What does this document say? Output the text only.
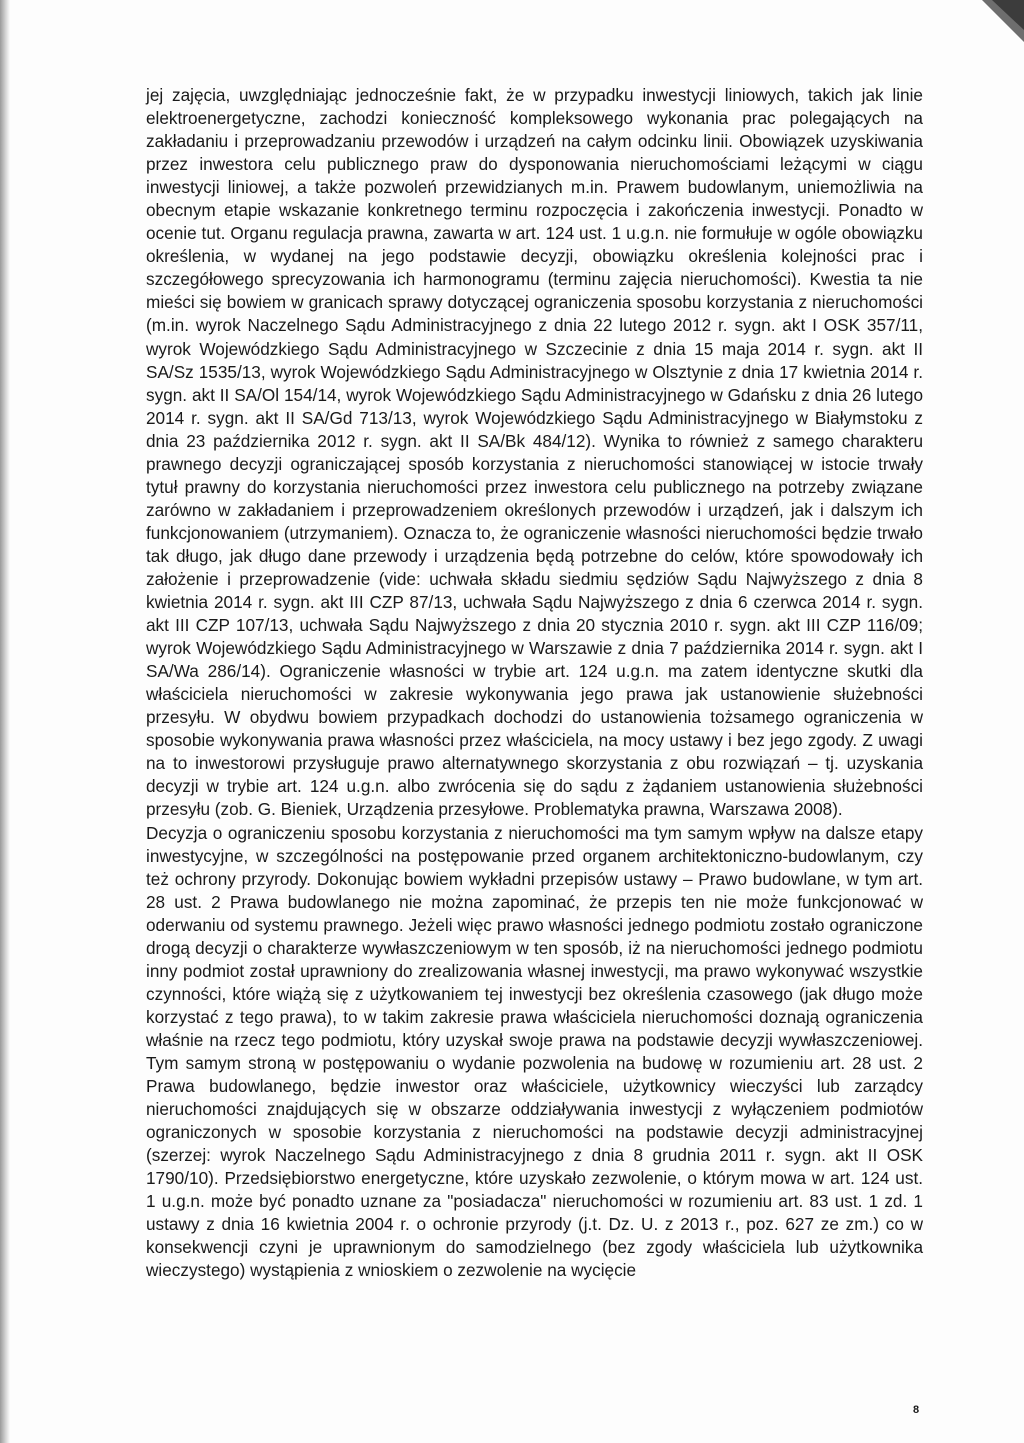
jej zajęcia, uwzględniając jednocześnie fakt, że w przypadku inwestycji liniowych, takich jak linie elektroenergetyczne, zachodzi konieczność kompleksowego wykonania prac polegających na zakładaniu i przeprowadzaniu przewodów i urządzeń na całym odcinku linii. Obowiązek uzyskiwania przez inwestora celu publicznego praw do dysponowania nieruchomościami leżącymi w ciągu inwestycji liniowej, a także pozwoleń przewidzianych m.in. Prawem budowlanym, uniemożliwia na obecnym etapie wskazanie konkretnego terminu rozpoczęcia i zakończenia inwestycji. Ponadto w ocenie tut. Organu regulacja prawna, zawarta w art. 124 ust. 1 u.g.n. nie formułuje w ogóle obowiązku określenia, w wydanej na jego podstawie decyzji, obowiązku określenia kolejności prac i szczegółowego sprecyzowania ich harmonogramu (terminu zajęcia nieruchomości). Kwestia ta nie mieści się bowiem w granicach sprawy dotyczącej ograniczenia sposobu korzystania z nieruchomości (m.in. wyrok Naczelnego Sądu Administracyjnego z dnia 22 lutego 2012 r. sygn. akt I OSK 357/11, wyrok Wojewódzkiego Sądu Administracyjnego w Szczecinie z dnia 15 maja 2014 r. sygn. akt II SA/Sz 1535/13, wyrok Wojewódzkiego Sądu Administracyjnego w Olsztynie z dnia 17 kwietnia 2014 r. sygn. akt II SA/Ol 154/14, wyrok Wojewódzkiego Sądu Administracyjnego w Gdańsku z dnia 26 lutego 2014 r. sygn. akt II SA/Gd 713/13, wyrok Wojewódzkiego Sądu Administracyjnego w Białymstoku z dnia 23 października 2012 r. sygn. akt II SA/Bk 484/12). Wynika to również z samego charakteru prawnego decyzji ograniczającej sposób korzystania z nieruchomości stanowiącej w istocie trwały tytuł prawny do korzystania nieruchomości przez inwestora celu publicznego na potrzeby związane zarówno w zakładaniem i przeprowadzeniem określonych przewodów i urządzeń, jak i dalszym ich funkcjonowaniem (utrzymaniem). Oznacza to, że ograniczenie własności nieruchomości będzie trwało tak długo, jak długo dane przewody i urządzenia będą potrzebne do celów, które spowodowały ich założenie i przeprowadzenie (vide: uchwała składu siedmiu sędziów Sądu Najwyższego z dnia 8 kwietnia 2014 r. sygn. akt III CZP 87/13, uchwała Sądu Najwyższego z dnia 6 czerwca 2014 r. sygn. akt III CZP 107/13, uchwała Sądu Najwyższego z dnia 20 stycznia 2010 r. sygn. akt III CZP 116/09; wyrok Wojewódzkiego Sądu Administracyjnego w Warszawie z dnia 7 października 2014 r. sygn. akt I SA/Wa 286/14). Ograniczenie własności w trybie art. 124 u.g.n. ma zatem identyczne skutki dla właściciela nieruchomości w zakresie wykonywania jego prawa jak ustanowienie służebności przesyłu. W obydwu bowiem przypadkach dochodzi do ustanowienia tożsamego ograniczenia w sposobie wykonywania prawa własności przez właściciela, na mocy ustawy i bez jego zgody. Z uwagi na to inwestorowi przysługuje prawo alternatywnego skorzystania z obu rozwiązań – tj. uzyskania decyzji w trybie art. 124 u.g.n. albo zwrócenia się do sądu z żądaniem ustanowienia służebności przesyłu (zob. G. Bieniek, Urządzenia przesyłowe. Problematyka prawna, Warszawa 2008).

Decyzja o ograniczeniu sposobu korzystania z nieruchomości ma tym samym wpływ na dalsze etapy inwestycyjne, w szczególności na postępowanie przed organem architektoniczno-budowlanym, czy też ochrony przyrody. Dokonując bowiem wykładni przepisów ustawy – Prawo budowlane, w tym art. 28 ust. 2 Prawa budowlanego nie można zapominać, że przepis ten nie może funkcjonować w oderwaniu od systemu prawnego. Jeżeli więc prawo własności jednego podmiotu zostało ograniczone drogą decyzji o charakterze wywłaszczeniowym w ten sposób, iż na nieruchomości jednego podmiotu inny podmiot został uprawniony do zrealizowania własnej inwestycji, ma prawo wykonywać wszystkie czynności, które wiążą się z użytkowaniem tej inwestycji bez określenia czasowego (jak długo może korzystać z tego prawa), to w takim zakresie prawa właściciela nieruchomości doznają ograniczenia właśnie na rzecz tego podmiotu, który uzyskał swoje prawa na podstawie decyzji wywłaszczeniowej. Tym samym stroną w postępowaniu o wydanie pozwolenia na budowę w rozumieniu art. 28 ust. 2 Prawa budowlanego, będzie inwestor oraz właściciele, użytkownicy wieczyści lub zarządcy nieruchomości znajdujących się w obszarze oddziaływania inwestycji z wyłączeniem podmiotów ograniczonych w sposobie korzystania z nieruchomości na podstawie decyzji administracyjnej (szerzej: wyrok Naczelnego Sądu Administracyjnego z dnia 8 grudnia 2011 r. sygn. akt II OSK 1790/10). Przedsiębiorstwo energetyczne, które uzyskało zezwolenie, o którym mowa w art. 124 ust. 1 u.g.n. może być ponadto uznane za "posiadacza" nieruchomości w rozumieniu art. 83 ust. 1 zd. 1 ustawy z dnia 16 kwietnia 2004 r. o ochronie przyrody (j.t. Dz. U. z 2013 r., poz. 627 ze zm.) co w konsekwencji czyni je uprawnionym do samodzielnego (bez zgody właściciela lub użytkownika wieczystego) wystąpienia z wnioskiem o zezwolenie na wycięcie

8
